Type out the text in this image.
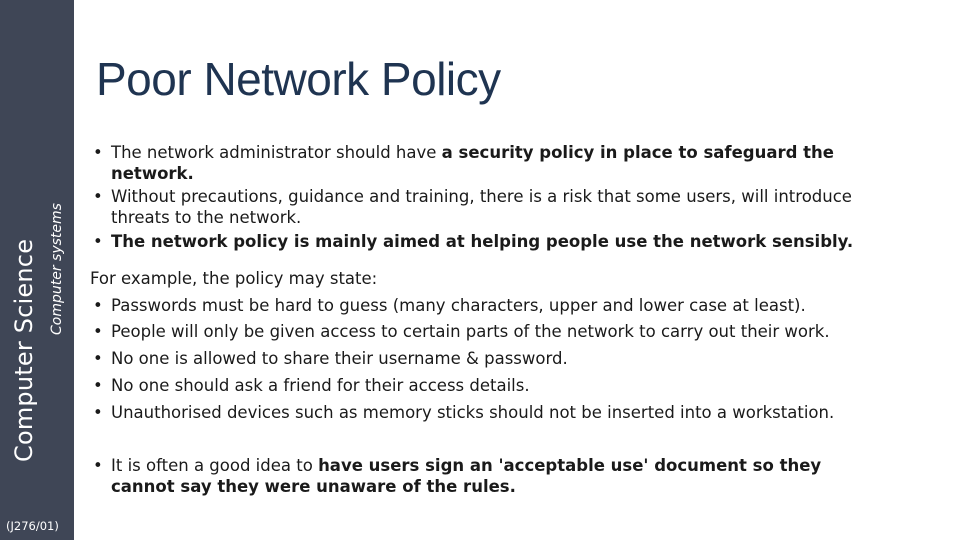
Computer Science Computer systems
(J276/01)
Poor Network Policy
• The network administrator should have a security policy in place to safeguard the network.
• Without precautions, guidance and training, there is a risk that some users, will introduce threats to the network.
• The network policy is mainly aimed at helping people use the network sensibly.
For example, the policy may state:
• Passwords must be hard to guess (many characters, upper and lower case at least).
• People will only be given access to certain parts of the network to carry out their work.
• No one is allowed to share their username & password.
• No one should ask a friend for their access details.
• Unauthorised devices such as memory sticks should not be inserted into a workstation.
• It is often a good idea to have users sign an 'acceptable use' document so they cannot say they were unaware of the rules.
